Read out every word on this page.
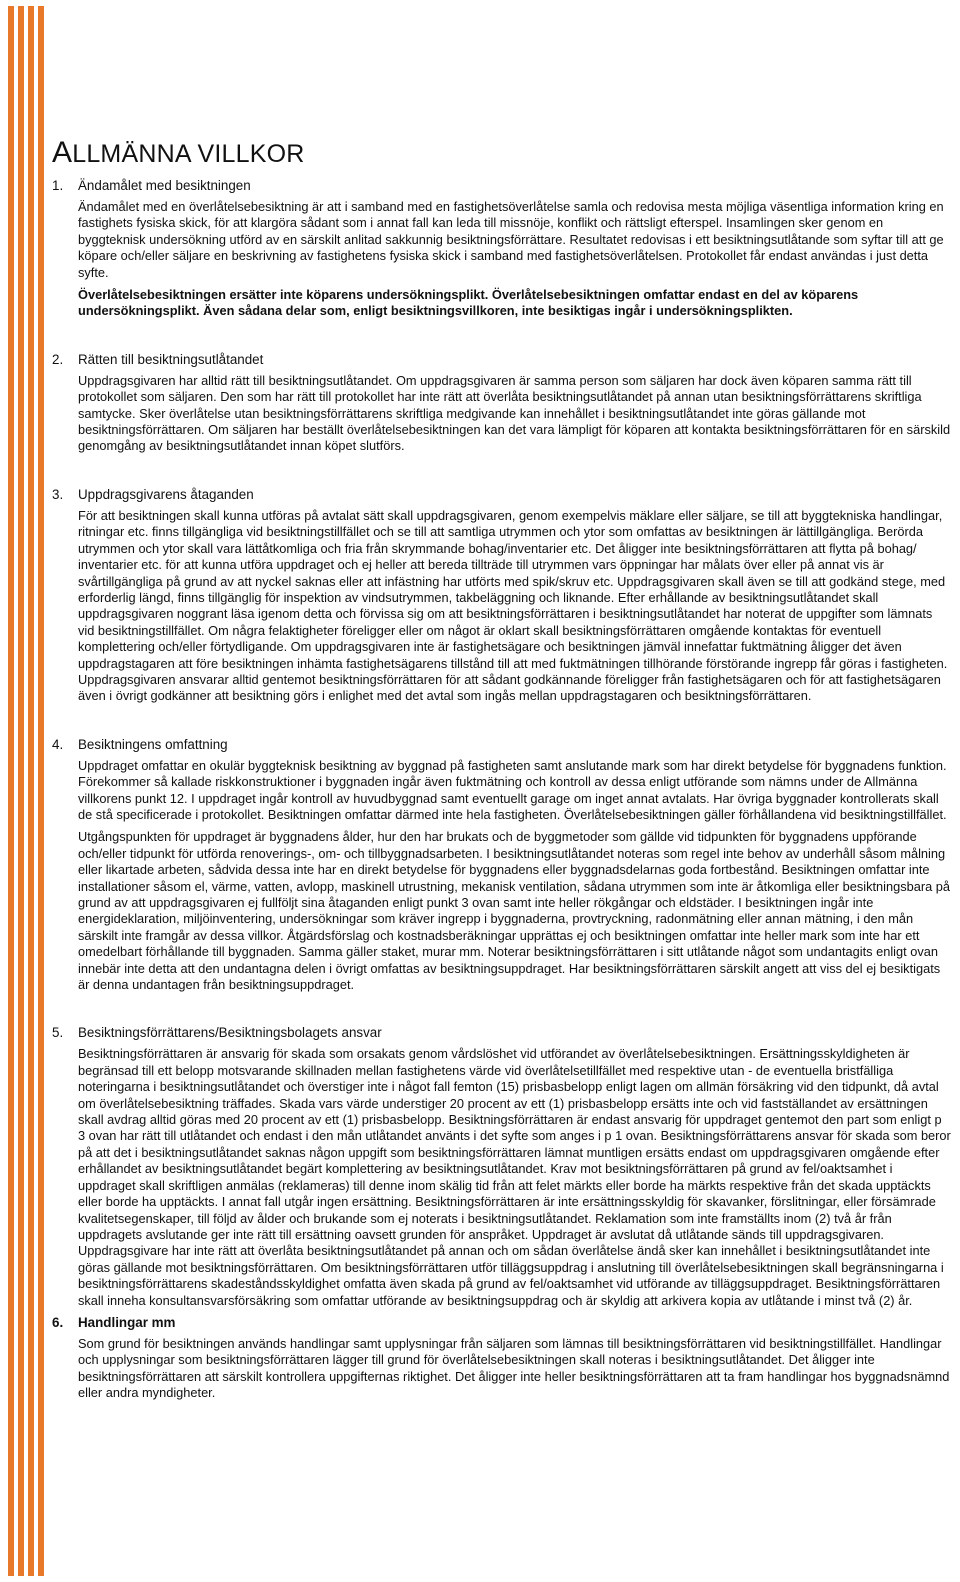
ALLMÄNNA VILLKOR
1.	Ändamålet med besiktningen

Ändamålet med en överlåtelsebesiktning är att i samband med en fastighetsöverlåtelse samla och redovisa mesta möjliga väsentliga information kring en fastighets fysiska skick, för att klargöra sådant som i annat fall kan leda till missnöje, konflikt och rättsligt efterspel. Insamlingen sker genom en byggteknisk undersökning utförd av en särskilt anlitad sakkunnig besiktningsförrättare. Resultatet redovisas i ett besiktningsutlåtande som syftar till att ge köpare och/eller säljare en beskrivning av fastighetens fysiska skick i samband med fastighetsöverlåtelsen. Protokollet får endast användas i just detta syfte.

Överlåtelsebesiktningen ersätter inte köparens undersökningsplikt. Överlåtelsebesiktningen omfattar endast en del av köparens undersökningsplikt. Även sådana delar som, enligt besiktningsvillkoren, inte besiktigas ingår i undersökningsplikten.

2.	Rätten till besiktningsutlåtandet

Uppdragsgivaren har alltid rätt till besiktningsutlåtandet. Om uppdragsgivaren är samma person som säljaren har dock även köparen samma rätt till protokollet som säljaren. Den som har rätt till protokollet har inte rätt att överlåta besiktningsutlåtandet på annan utan besiktningsförrättarens skriftliga samtycke. Sker överlåtelse utan besiktningsförrättarens skriftliga medgivande kan innehållet i besiktningsutlåtandet inte göras gällande mot besiktningsförrättaren. Om säljaren har beställt överlåtelsebesiktningen kan det vara lämpligt för köparen att kontakta besiktningsförrättaren för en särskild genomgång av besiktningsutlåtandet innan köpet slutförs.

3.	Uppdragsgivarens åtaganden

För att besiktningen skall kunna utföras på avtalat sätt skall uppdragsgivaren, genom exempelvis mäklare eller säljare, se till att byggtekniska handlingar, ritningar etc. finns tillgängliga vid besiktningstillfället och se till att samtliga utrymmen och ytor som omfattas av besiktningen är lättillgängliga. Berörda utrymmen och ytor skall vara lättåtkomliga och fria från skrymmande bohag/inventarier etc. Det åligger inte besiktningsförrättaren att flytta på bohag/ inventarier etc. för att kunna utföra uppdraget och ej heller att bereda tillträde till utrymmen vars öppningar har målats över eller på annat vis är svårtillgängliga på grund av att nyckel saknas eller att infästning har utförts med spik/skruv etc. Uppdragsgivaren skall även se till att godkänd stege, med erforderlig längd, finns tillgänglig för inspektion av vindsutrymmen, takbeläggning och liknande. Efter erhållande av besiktningsutlåtandet skall uppdragsgivaren noggrant läsa igenom detta och förvissa sig om att besiktningsförrättaren i besiktningsutlåtandet har noterat de uppgifter som lämnats vid besiktningstillfället. Om några felaktigheter föreligger eller om något är oklart skall besiktningsförrättaren omgående kontaktas för eventuell komplettering och/eller förtydligande. Om uppdragsgivaren inte är fastighetsägare och besiktningen jämväl innefattar fuktmätning åligger det även uppdragstagaren att före besiktningen inhämta fastighetsägarens tillstånd till att med fuktmätningen tillhörande förstörande ingrepp får göras i fastigheten. Uppdragsgivaren ansvarar alltid gentemot besiktningsförrättaren för att sådant godkännande föreligger från fastighetsägaren och för att fastighetsägaren även i övrigt godkänner att besiktning görs i enlighet med det avtal som ingås mellan uppdragstagaren och besiktningsförrättaren.

4.	Besiktningens omfattning

Uppdraget omfattar en okulär byggteknisk besiktning av byggnad på fastigheten samt anslutande mark som har direkt betydelse för byggnadens funktion. Förekommer så kallade riskkonstruktioner i byggnaden ingår även fuktmätning och kontroll av dessa enligt utförande som nämns under de Allmänna villkorens punkt 12. I uppdraget ingår kontroll av huvudbyggnad samt eventuellt garage om inget annat avtalats. Har övriga byggnader kontrollerats skall de stå specificerade i protokollet. Besiktningen omfattar därmed inte hela fastigheten. Överlåtelsebesiktningen gäller förhållandena vid besiktningstillfället.

Utgångspunkten för uppdraget är byggnadens ålder, hur den har brukats och de byggmetoder som gällde vid tidpunkten för byggnadens uppförande och/eller tidpunkt för utförda renoverings-, om- och tillbyggnadsarbeten. I besiktningsutlåtandet noteras som regel inte behov av underhåll såsom målning eller likartade arbeten, sådvida dessa inte har en direkt betydelse för byggnadens eller byggnadsdelarnas goda fortbestånd. Besiktningen omfattar inte installationer såsom el, värme, vatten, avlopp, maskinell utrustning, mekanisk ventilation, sådana utrymmen som inte är åtkomliga eller besiktningsbara på grund av att uppdragsgivaren ej fullföljt sina åtaganden enligt punkt 3 ovan samt inte heller rökgångar och eldstäder. I besiktningen ingår inte energideklaration, miljöinventering, undersökningar som kräver ingrepp i byggnaderna, provtryckning, radonmätning eller annan mätning, i den mån särskilt inte framgår av dessa villkor. Åtgärdsförslag och kostnadsberäkningar upprättas ej och besiktningen omfattar inte heller mark som inte har ett omedelbart förhållande till byggnaden. Samma gäller staket, murar mm. Noterar besiktningsförrättaren i sitt utlåtande något som undantagits enligt ovan innebär inte detta att den undantagna delen i övrigt omfattas av besiktningsuppdraget. Har besiktningsförrättaren särskilt angett att viss del ej besiktigats är denna undantagen från besiktningsuppdraget.

5.	Besiktningsförrättarens/Besiktningsbolagets ansvar

Besiktningsförrättaren är ansvarig för skada som orsakats genom vårdslöshet vid utförandet av överlåtelsebesiktningen. Ersättningsskyldigheten är begränsad till ett belopp motsvarande skillnaden mellan fastighetens värde vid överlåtelsetillfället med respektive utan - de eventuella bristfälliga noteringarna i besiktningsutlåtandet och överstiger inte i något fall femton (15) prisbasbelopp enligt lagen om allmän försäkring vid den tidpunkt, då avtal om överlåtelsebesiktning träffades. Skada vars värde understiger 20 procent av ett (1) prisbasbelopp ersätts inte och vid fastställandet av ersättningen skall avdrag alltid göras med 20 procent av ett (1) prisbasbelopp. Besiktningsförrättaren är endast ansvarig för uppdraget gentemot den part som enligt p 3 ovan har rätt till utlåtandet och endast i den mån utlåtandet använts i det syfte som anges i p 1 ovan. Besiktningsförrättarens ansvar för skada som beror på att det i besiktningsutlåtandet saknas någon uppgift som besiktningsförrättaren lämnat muntligen ersätts endast om uppdragsgivaren omgående efter erhållandet av besiktningsutlåtandet begärt komplettering av besiktningsutlåtandet. Krav mot besiktningsförrättaren på grund av fel/oaktsamhet i uppdraget skall skriftligen anmälas (reklameras) till denne inom skälig tid från att felet märkts eller borde ha märkts respektive från det skada upptäckts eller borde ha upptäckts. I annat fall utgår ingen ersättning. Besiktningsförrättaren är inte ersättningsskyldig för skavanker, förslitningar, eller försämrade kvalitetsegenskaper, till följd av ålder och brukande som ej noterats i besiktningsutlåtandet. Reklamation som inte framställts inom (2) två år från uppdragets avslutande ger inte rätt till ersättning oavsett grunden för anspråket. Uppdraget är avslutat då utlåtande sänds till uppdragsgivaren. Uppdragsgivare har inte rätt att överlåta besiktningsutlåtandet på annan och om sådan överlåtelse ändå sker kan innehållet i besiktningsutlåtandet inte göras gällande mot besiktningsförrättaren. Om besiktningsförrättaren utför tilläggsuppdrag i anslutning till överlåtelsebesiktningen skall begränsningarna i besiktningsförrättarens skadeståndsskyldighet omfatta även skada på grund av fel/oaktsamhet vid utförande av tilläggsuppdraget. Besiktningsförrättaren skall inneha konsultansvarsförsäkring som omfattar utförande av besiktningsuppdrag och är skyldig att arkivera kopia av utlåtande i minst två (2) år.

6.	Handlingar mm

Som grund för besiktningen används handlingar samt upplysningar från säljaren som lämnas till besiktningsförrättaren vid besiktningstillfället. Handlingar och upplysningar som besiktningsförrättaren lägger till grund för överlåtelsebesiktningen skall noteras i besiktningsutlåtandet. Det åligger inte besiktningsförrättaren att särskilt kontrollera uppgifternas riktighet. Det åligger inte heller besiktningsförrättaren att ta fram handlingar hos byggnadsnämnd eller andra myndigheter.
